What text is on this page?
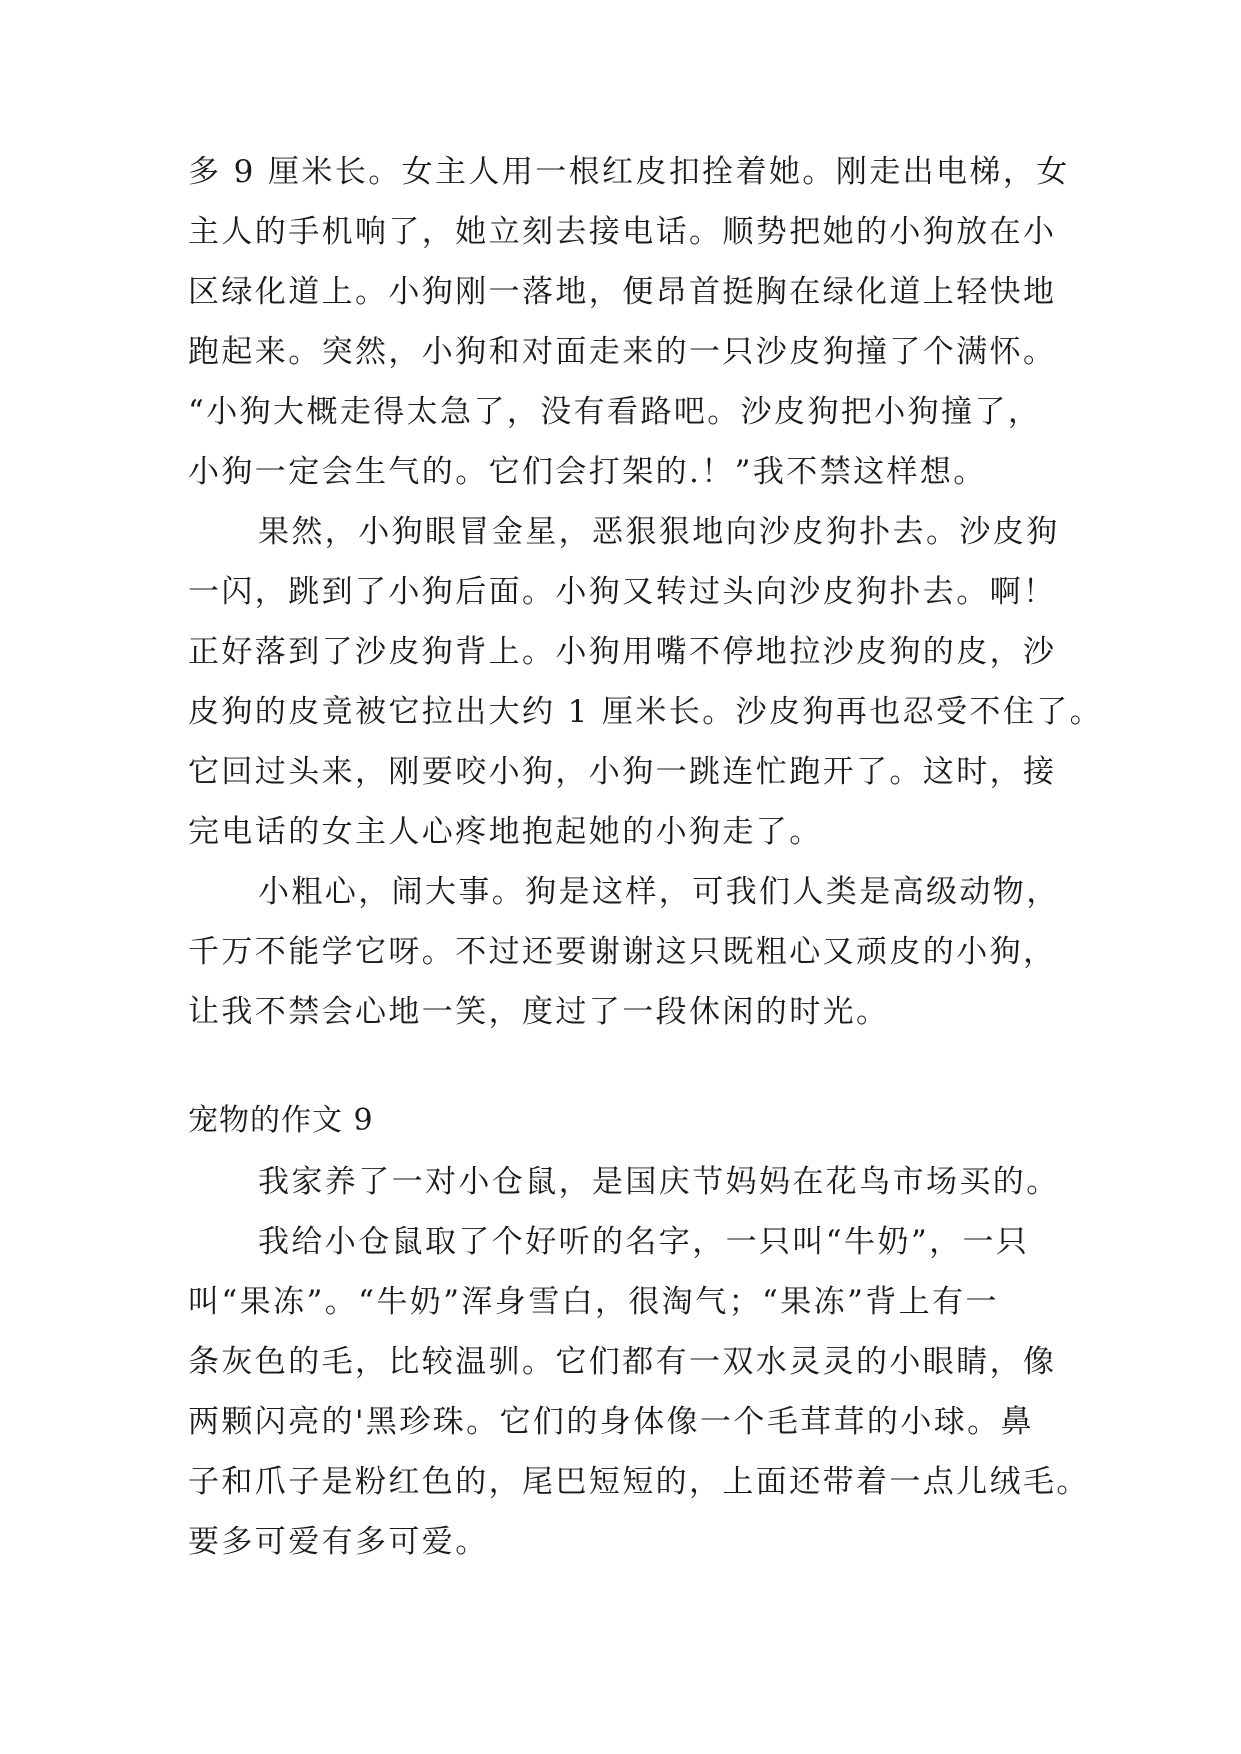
多 9 厘米长。女主人用一根红皮扣拴着她。刚走出电梯，女
主人的手机响了，她立刻去接电话。顺势把她的小狗放在小
区绿化道上。小狗刚一落地，便昂首挺胸在绿化道上轻快地
跑起来。突然，小狗和对面走来的一只沙皮狗撞了个满怀。
“小狗大概走得太急了，没有看路吧。沙皮狗把小狗撞了，
小狗一定会生气的。它们会打架的.！”我不禁这样想。
果然，小狗眼冒金星，恶狠狠地向沙皮狗扑去。沙皮狗
一闪，跳到了小狗后面。小狗又转过头向沙皮狗扑去。啊！
正好落到了沙皮狗背上。小狗用嘴不停地拉沙皮狗的皮，沙
皮狗的皮竟被它拉出大约 1 厘米长。沙皮狗再也忍受不住了。
它回过头来，刚要咬小狗，小狗一跳连忙跑开了。这时，接
完电话的女主人心疼地抱起她的小狗走了。
小粗心，闹大事。狗是这样，可我们人类是高级动物，
千万不能学它呀。不过还要谢谢这只既粗心又顽皮的小狗，
让我不禁会心地一笑，度过了一段休闲的时光。
宠物的作文 9
我家养了一对小仓鼠，是国庆节妈妈在花鸟市场买的。
我给小仓鼠取了个好听的名字，一只叫“牛奶”，一只
叫“果冻”。“牛奶”浑身雪白，很淘气；“果冻”背上有一
条灰色的毛，比较温驯。它们都有一双水灵灵的小眼睛，像
两颗闪亮的'黑珍珠。它们的身体像一个毛茸茸的小球。鼻
子和爪子是粉红色的，尾巴短短的，上面还带着一点儿绒毛。
要多可爱有多可爱。
